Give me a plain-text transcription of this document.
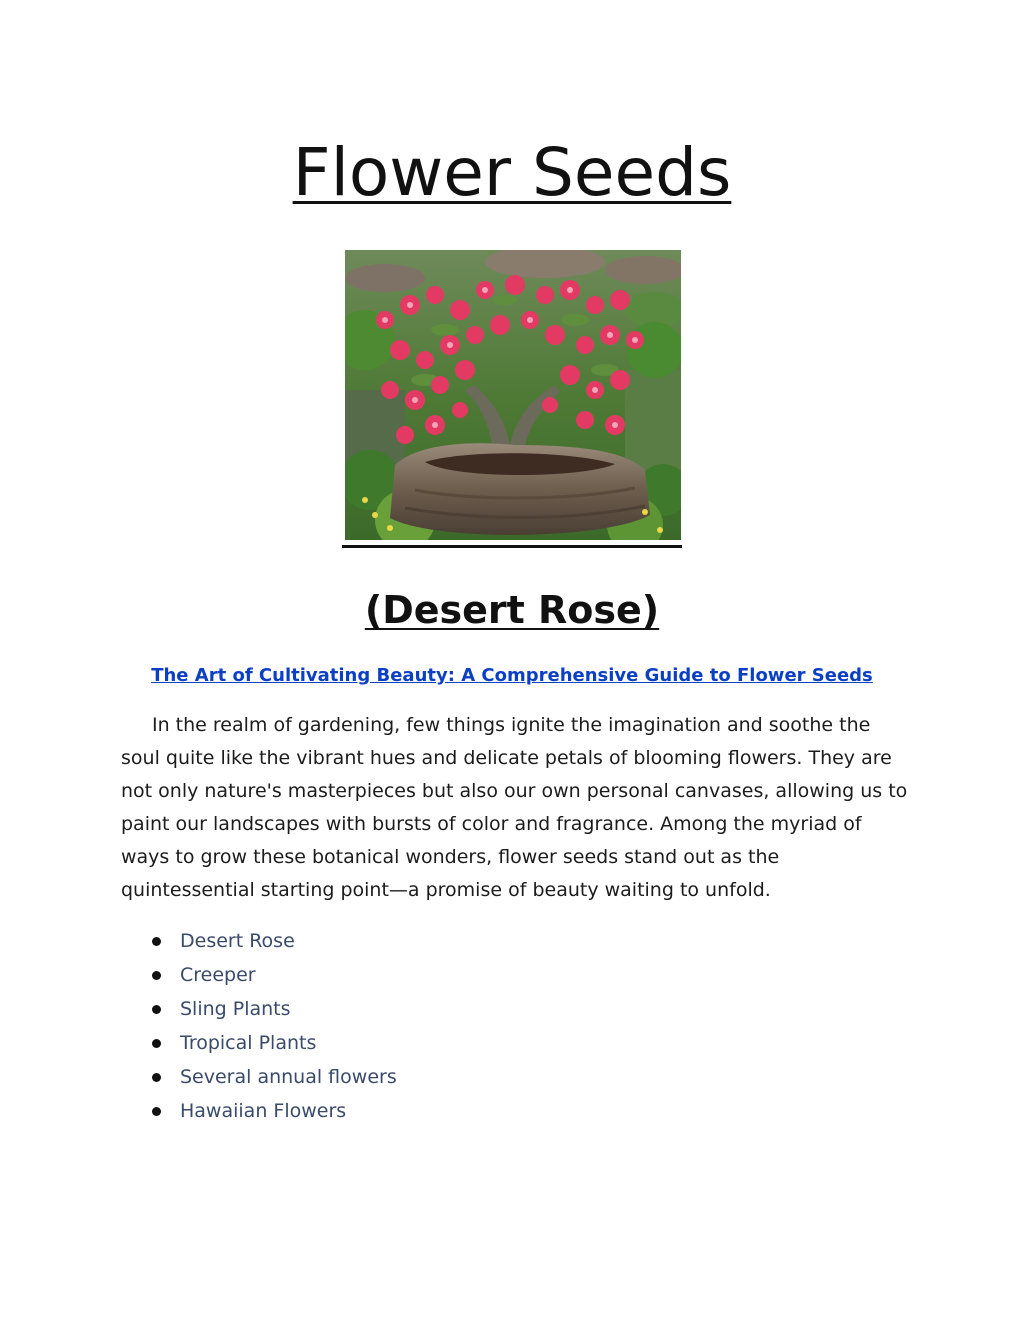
Flower Seeds
(Desert Rose)
The Art of Cultivating Beauty: A Comprehensive Guide to Flower Seeds

In the realm of gardening, few things ignite the imagination and soothe the soul quite like the vibrant hues and delicate petals of blooming flowers. They are not only nature's masterpieces but also our own personal canvases, allowing us to paint our landscapes with bursts of color and fragrance. Among the myriad of ways to grow these botanical wonders, flower seeds stand out as the quintessential starting point—a promise of beauty waiting to unfold.

Desert Rose
Creeper
Sling Plants
Tropical Plants
Several annual flowers
Hawaiian Flowers
